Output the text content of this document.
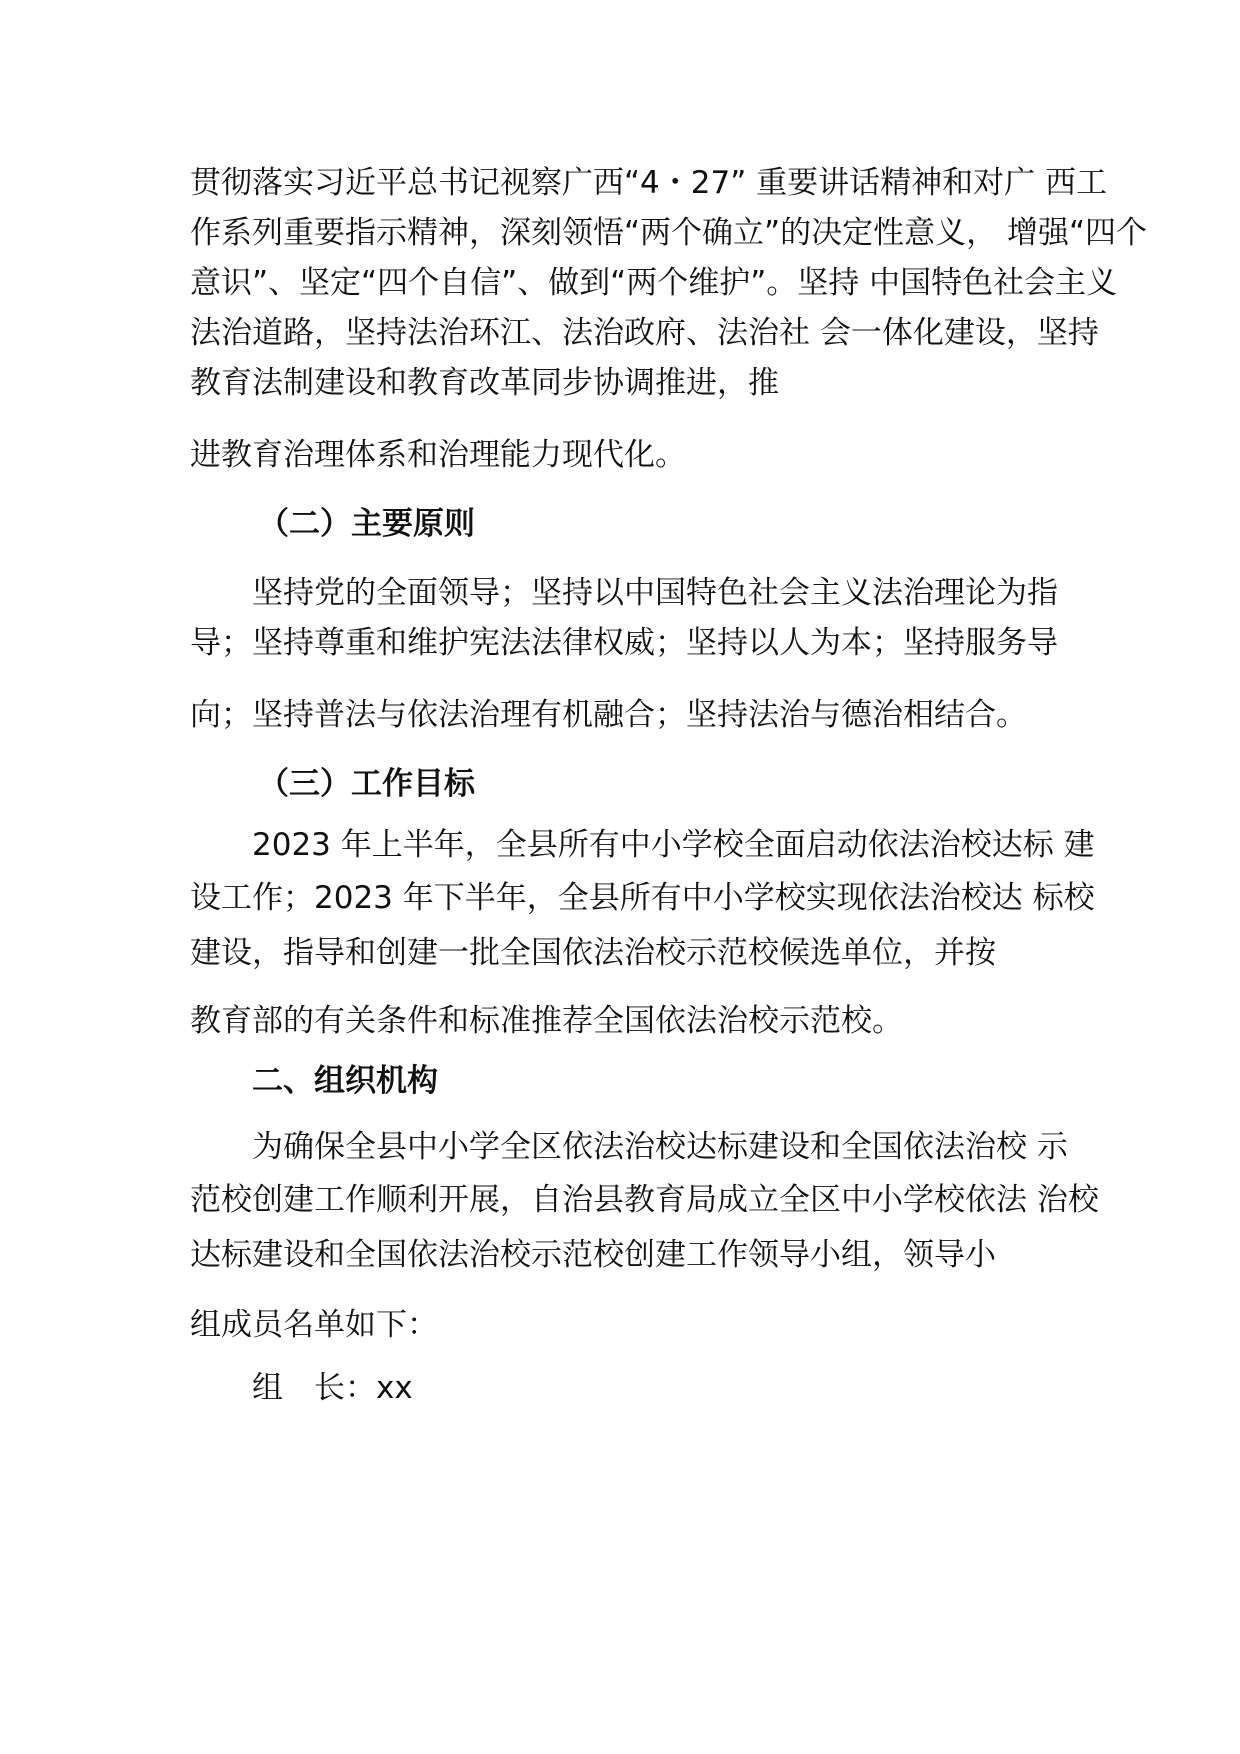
贯彻落实习近平总书记视察广西“4・27” 重要讲话精神和对广 西工
作系列重要指示精神，深刻领悟“两个确立”的决定性意义， 增强“四个
意识”、坚定“四个自信”、做到“两个维护”。坚持 中国特色社会主义
法治道路，坚持法治环江、法治政府、法治社 会一体化建设，坚持
教育法制建设和教育改革同步协调推进，推
进教育治理体系和治理能力现代化。
（二）主要原则
坚持党的全面领导；坚持以中国特色社会主义法治理论为指
导；坚持尊重和维护宪法法律权威；坚持以人为本；坚持服务导
向；坚持普法与依法治理有机融合；坚持法治与德治相结合。
（三）工作目标
2023 年上半年，全县所有中小学校全面启动依法治校达标 建
设工作；2023 年下半年，全县所有中小学校实现依法治校达 标校
建设，指导和创建一批全国依法治校示范校候选单位，并按
教育部的有关条件和标准推荐全国依法治校示范校。
二、组织机构
为确保全县中小学全区依法治校达标建设和全国依法治校 示
范校创建工作顺利开展，自治县教育局成立全区中小学校依法 治校
达标建设和全国依法治校示范校创建工作领导小组，领导小
组成员名单如下：
组　长：xx
